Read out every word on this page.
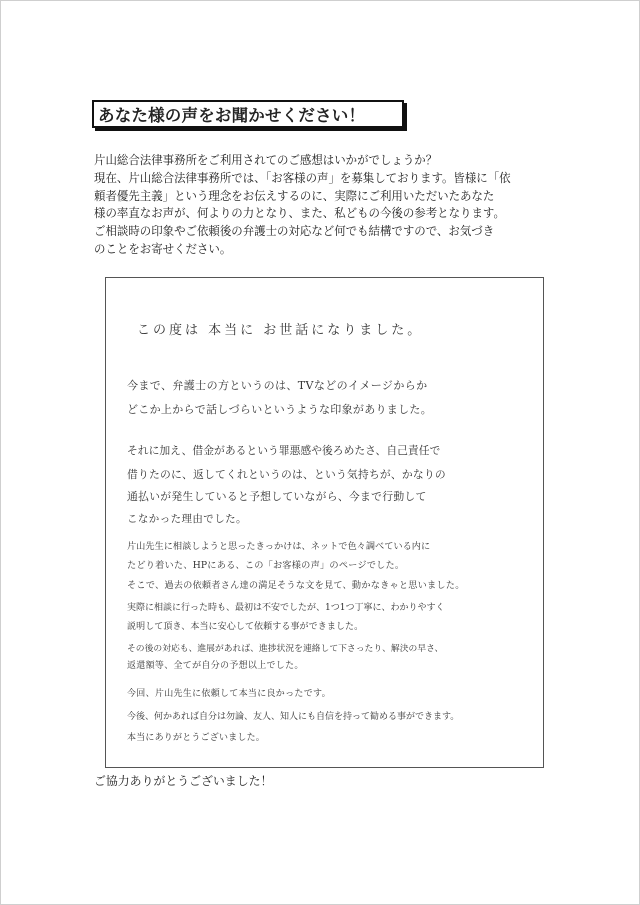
あなた様の声をお聞かせください！
片山総合法律事務所をご利用されてのご感想はいかがでしょうか？
現在、片山総合法律事務所では、「お客様の声」を募集しております。皆様に「依
頼者優先主義」という理念をお伝えするのに、実際にご利用いただいたあなた
様の率直なお声が、何よりの力となり、また、私どもの今後の参考となります。
ご相談時の印象やご依頼後の弁護士の対応など何でも結構ですので、お気づき
のことをお寄せください。
この度は 本当に お世話になりました。
今まで、弁護士の方というのは、TVなどのイメージからか
どこか上からで話しづらいというような印象がありました。
それに加え、借金があるという罪悪感や後ろめたさ、自己責任で
借りたのに、返してくれというのは、という気持ちが、かなりの
通払いが発生していると予想していながら、今まで行動して
こなかった理由でした。
片山先生に相談しようと思ったきっかけは、ネットで色々調べている内に
たどり着いた、HPにある、この「お客様の声」のページでした。
そこで、過去の依頼者さん達の満足そうな文を見て、動かなきゃと思いました。
実際に相談に行った時も、最初は不安でしたが、1つ1つ丁寧に、わかりやすく
説明して頂き、本当に安心して依頼する事ができました。
その後の対応も、進展があれば、進捗状況を連絡して下さったり、解決の早さ、
返還額等、全てが自分の予想以上でした。
今回、片山先生に依頼して本当に良かったです。
今後、何かあれば自分は勿論、友人、知人にも自信を持って勧める事ができます。
本当にありがとうございました。
ご協力ありがとうございました！
